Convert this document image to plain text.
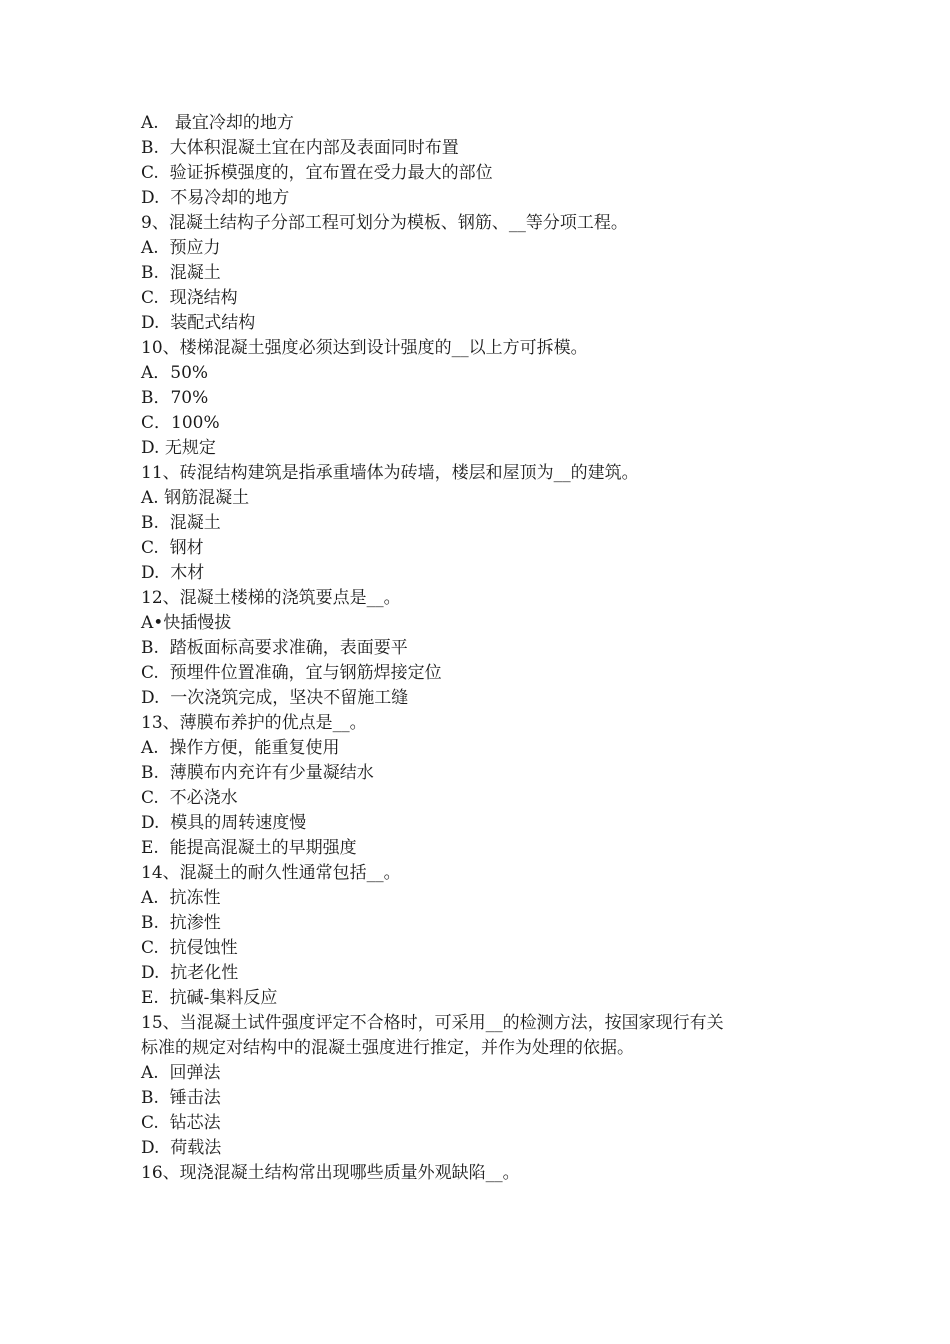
A.   最宜冷却的地方

B.  大体积混凝土宜在内部及表面同时布置

C.  验证拆模强度的，宜布置在受力最大的部位

D.  不易冷却的地方

9、混凝土结构子分部工程可划分为模板、钢筋、__等分项工程。

A.  预应力

B.  混凝土

C.  现浇结构

D.  装配式结构

10、楼梯混凝土强度必须达到设计强度的__以上方可拆模。

A．50%

B．70%

C．100%

D. 无规定

11、砖混结构建筑是指承重墙体为砖墙，楼层和屋顶为__的建筑。

A. 钢筋混凝土

B.  混凝土

C.  钢材

D.  木材

12、混凝土楼梯的浇筑要点是__。

A•快插慢拔

B.  踏板面标高要求准确，表面要平

C.  预埋件位置准确，宜与钢筋焊接定位

D.  一次浇筑完成，坚决不留施工缝

13、薄膜布养护的优点是__。

A.  操作方便，能重复使用

B.  薄膜布内充许有少量凝结水

C.  不必浇水

D.  模具的周转速度慢

E.  能提高混凝土的早期强度

14、混凝土的耐久性通常包括__。

A.  抗冻性

B.  抗渗性

C.  抗侵蚀性

D.  抗老化性

E.  抗碱-集料反应

15、当混凝土试件强度评定不合格时，可采用__的检测方法，按国家现行有关

标准的规定对结构中的混凝土强度进行推定，并作为处理的依据。

A.  回弹法

B.  锤击法

C.  钻芯法

D.  荷载法

16、现浇混凝土结构常出现哪些质量外观缺陷__。
